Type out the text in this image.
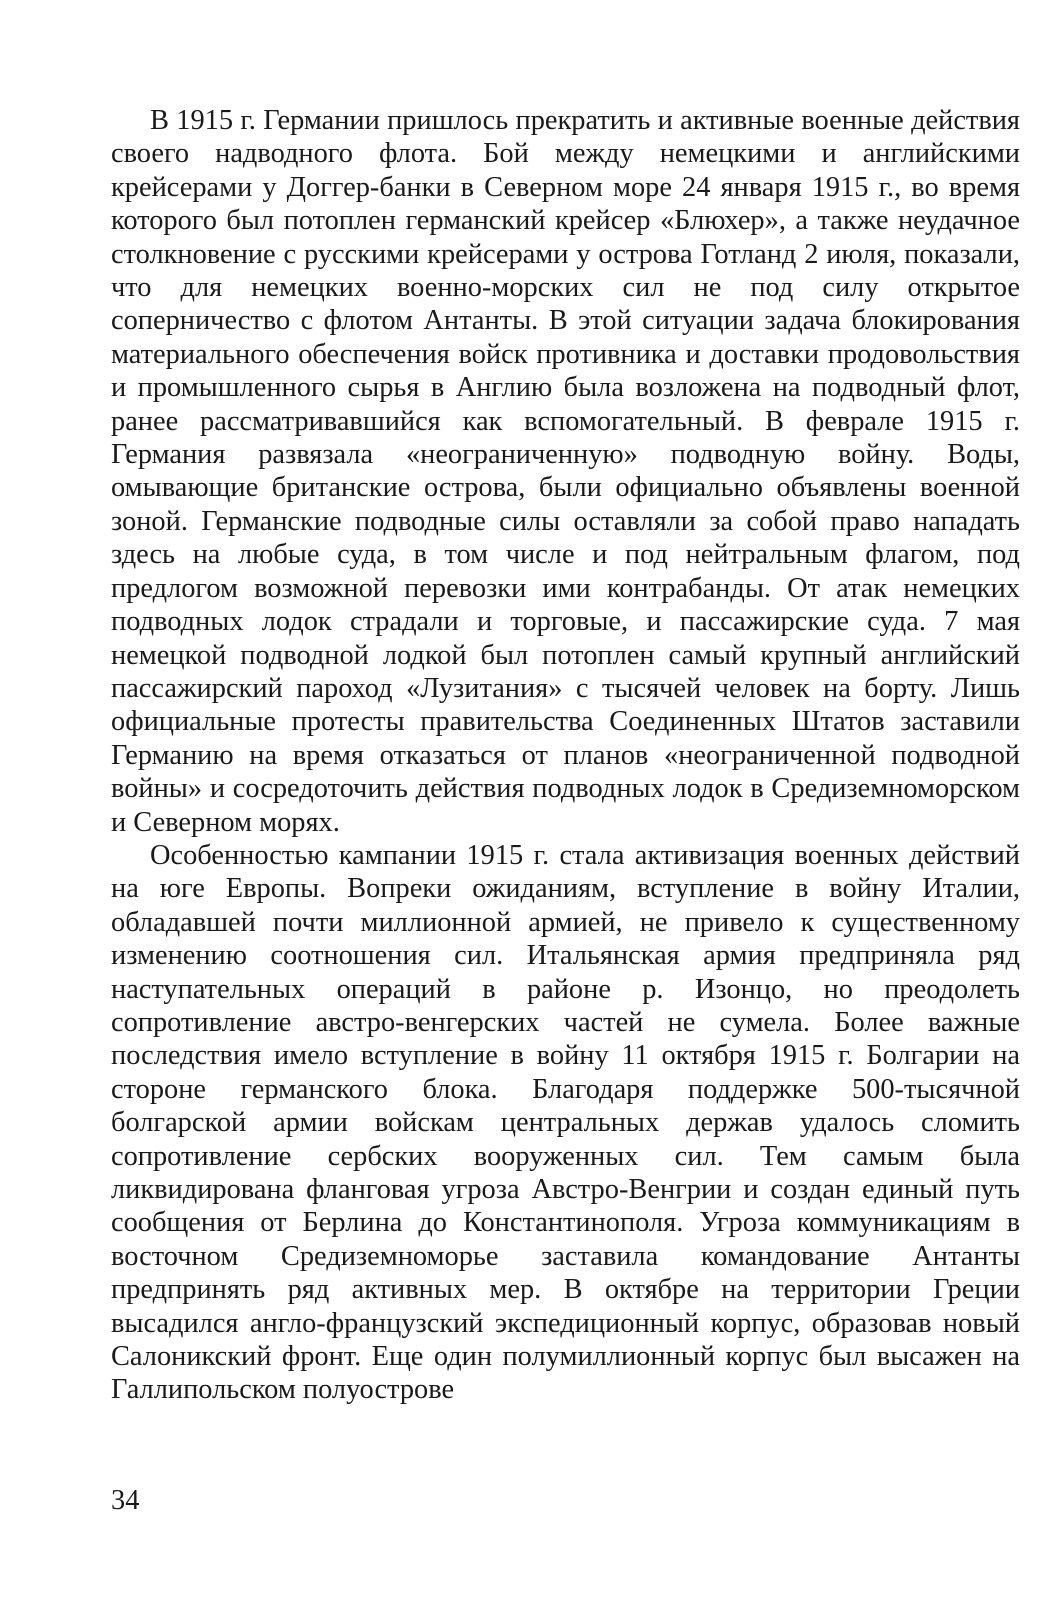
В 1915 г. Германии пришлось прекратить и активные военные действия своего надводного флота. Бой между немецкими и английскими крейсерами у Доггер-банки в Северном море 24 января 1915 г., во время которого был потоплен германский крейсер «Блюхер», а также неудачное столкновение с русскими крейсерами у острова Готланд 2 июля, показали, что для немецких военно-морских сил не под силу открытое соперничество с флотом Антанты. В этой ситуации задача блокирования материального обеспечения войск противника и доставки продовольствия и промышленного сырья в Англию была возложена на подводный флот, ранее рассматривавшийся как вспомогательный. В феврале 1915 г. Германия развязала «неограниченную» подводную войну. Воды, омывающие британские острова, были официально объявлены военной зоной. Германские подводные силы оставляли за собой право нападать здесь на любые суда, в том числе и под нейтральным флагом, под предлогом возможной перевозки ими контрабанды. От атак немецких подводных лодок страдали и торговые, и пассажирские суда. 7 мая немецкой подводной лодкой был потоплен самый крупный английский пассажирский пароход «Лузитания» с тысячей человек на борту. Лишь официальные протесты правительства Соединенных Штатов заставили Германию на время отказаться от планов «неограниченной подводной войны» и сосредоточить действия подводных лодок в Средиземноморском и Северном морях.

Особенностью кампании 1915 г. стала активизация военных действий на юге Европы. Вопреки ожиданиям, вступление в войну Италии, обладавшей почти миллионной армией, не привело к существенному изменению соотношения сил. Итальянская армия предприняла ряд наступательных операций в районе р. Изонцо, но преодолеть сопротивление австро-венгерских частей не сумела. Более важные последствия имело вступление в войну 11 октября 1915 г. Болгарии на стороне германского блока. Благодаря поддержке 500-тысячной болгарской армии войскам центральных держав удалось сломить сопротивление сербских вооруженных сил. Тем самым была ликвидирована фланговая угроза Австро-Венгрии и создан единый путь сообщения от Берлина до Константинополя. Угроза коммуникациям в восточном Средиземноморье заставила командование Антанты предпринять ряд активных мер. В октябре на территории Греции высадился англо-французский экспедиционный корпус, образовав новый Салоникский фронт. Еще один полумиллионный корпус был высажен на Галлипольском полуострове

34
